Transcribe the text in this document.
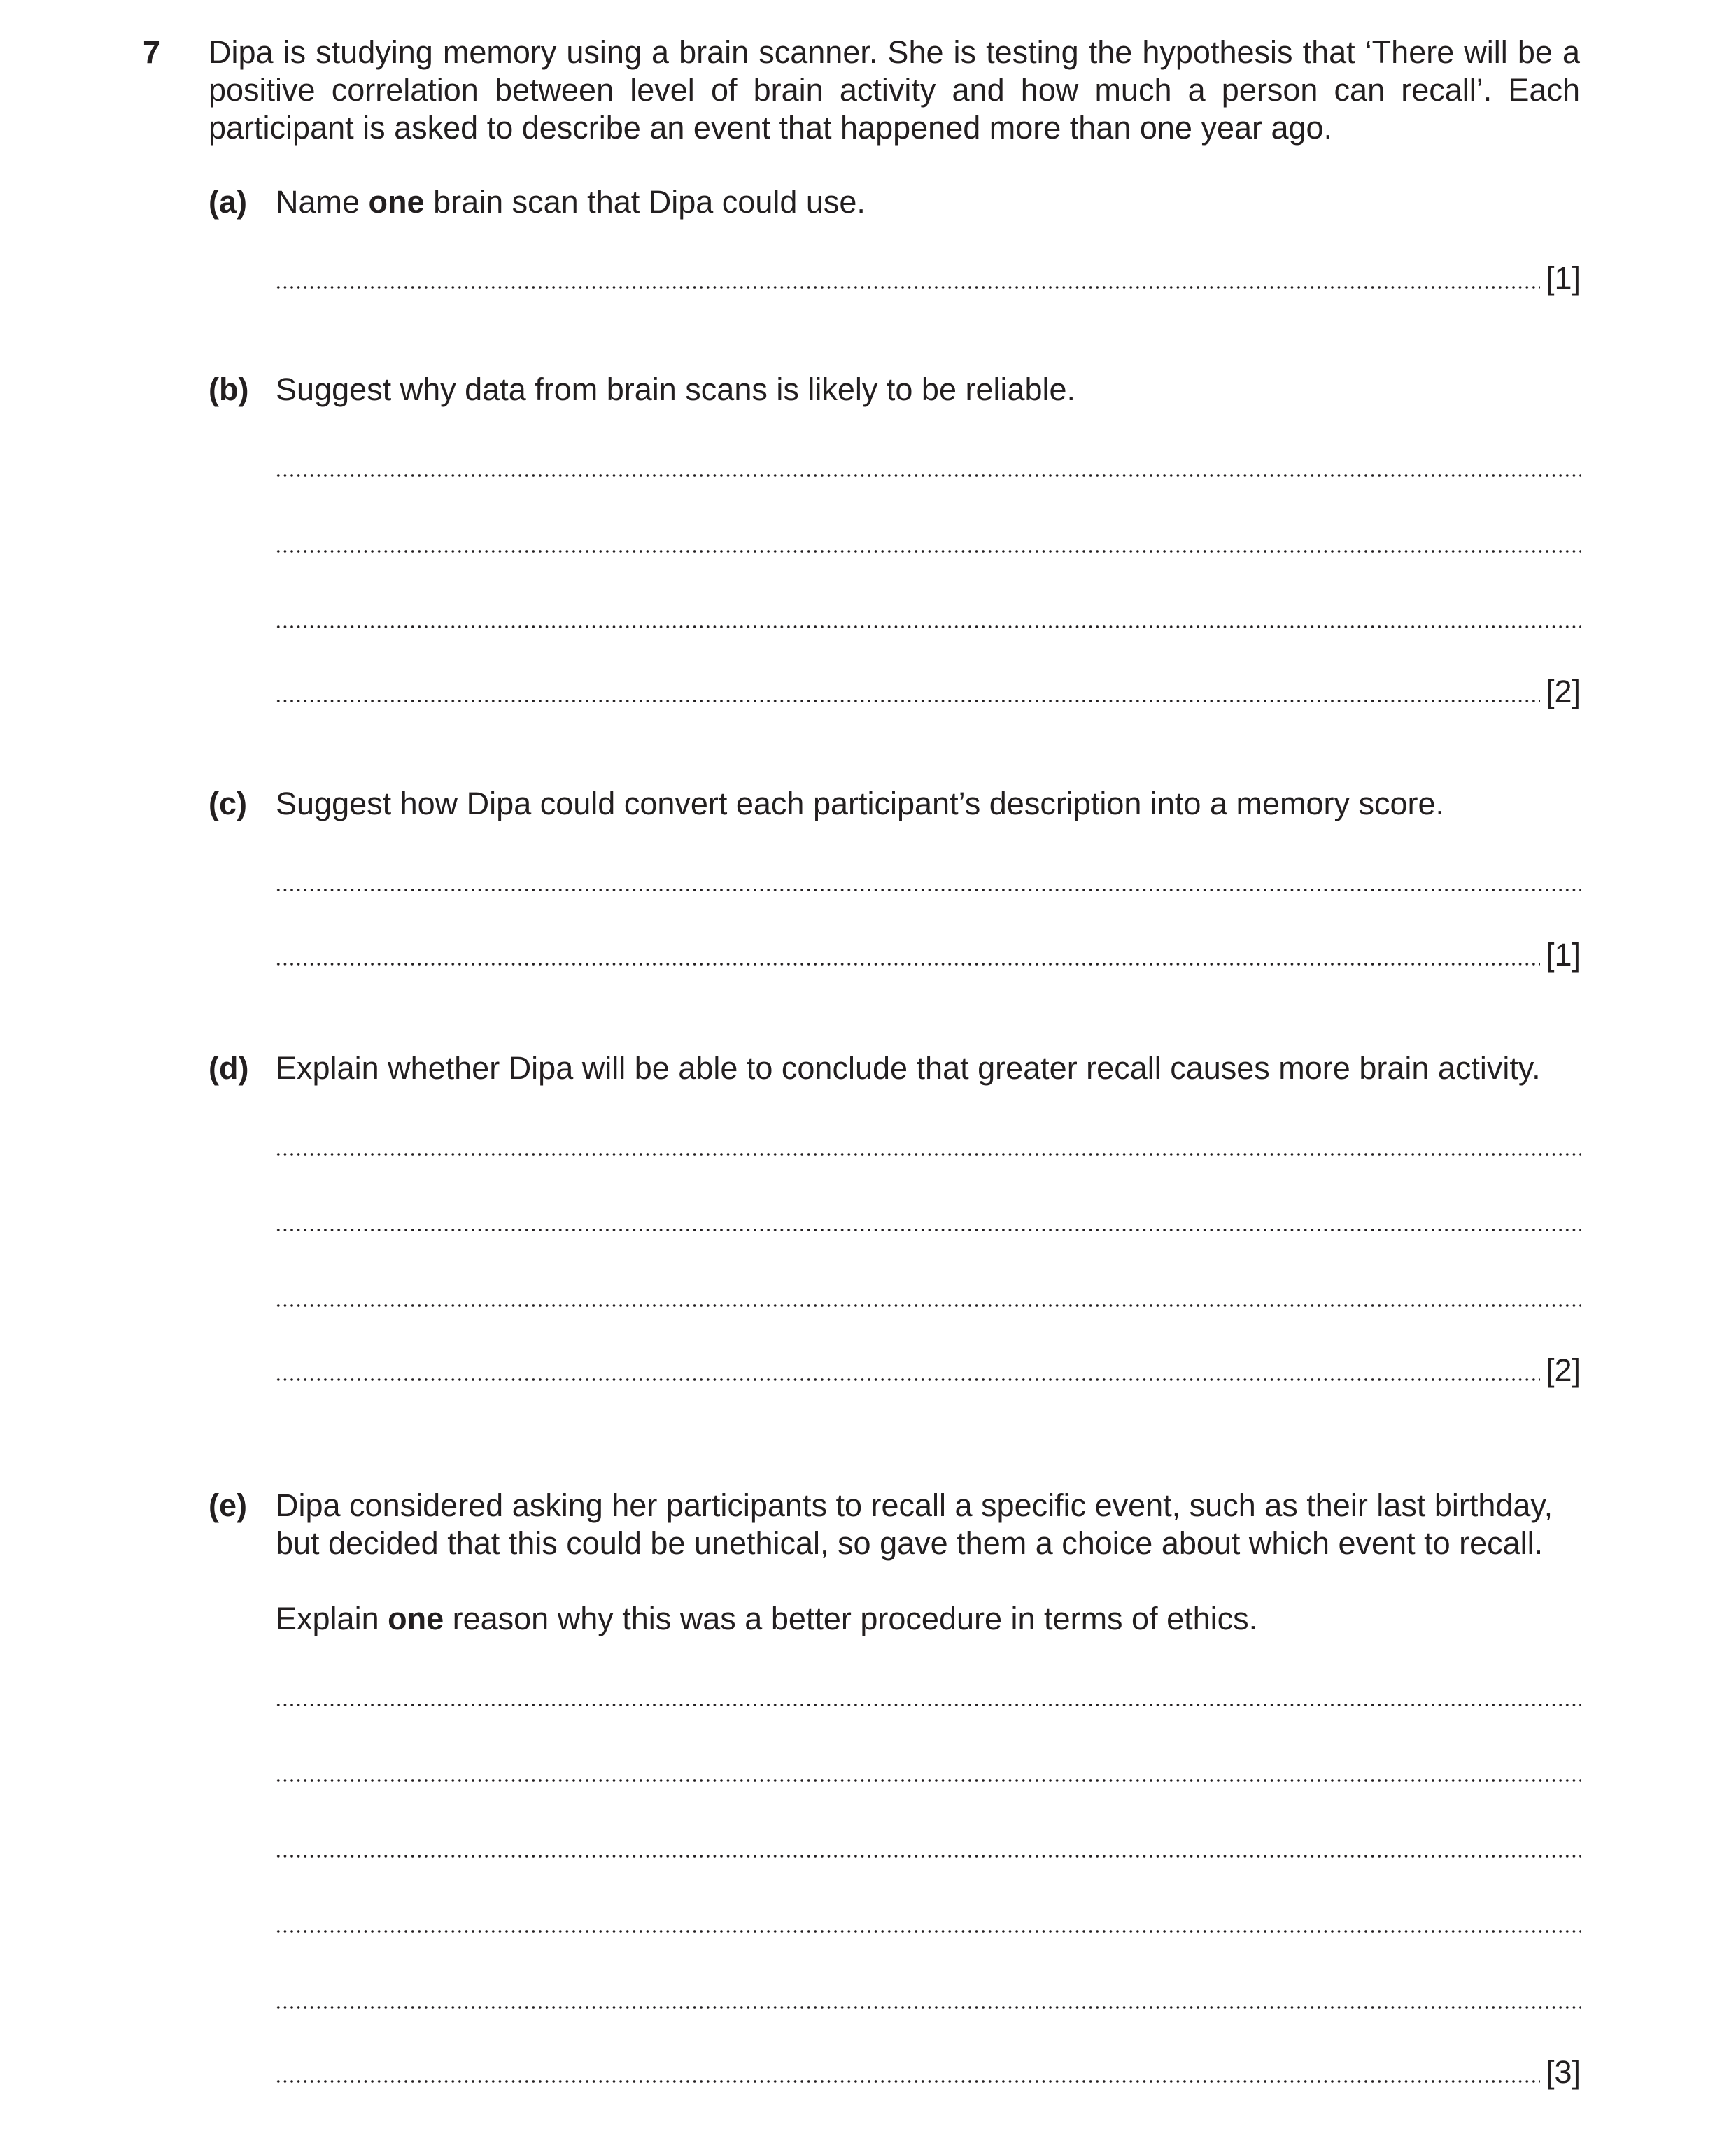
7 Dipa is studying memory using a brain scanner. She is testing the hypothesis that ‘There will be a positive correlation between level of brain activity and how much a person can recall’. Each participant is asked to describe an event that happened more than one year ago.
(a) Name one brain scan that Dipa could use.
[1]
(b) Suggest why data from brain scans is likely to be reliable.
[2]
(c) Suggest how Dipa could convert each participant’s description into a memory score.
[1]
(d) Explain whether Dipa will be able to conclude that greater recall causes more brain activity.
[2]
(e) Dipa considered asking her participants to recall a specific event, such as their last birthday, but decided that this could be unethical, so gave them a choice about which event to recall.
Explain one reason why this was a better procedure in terms of ethics.
[3]
